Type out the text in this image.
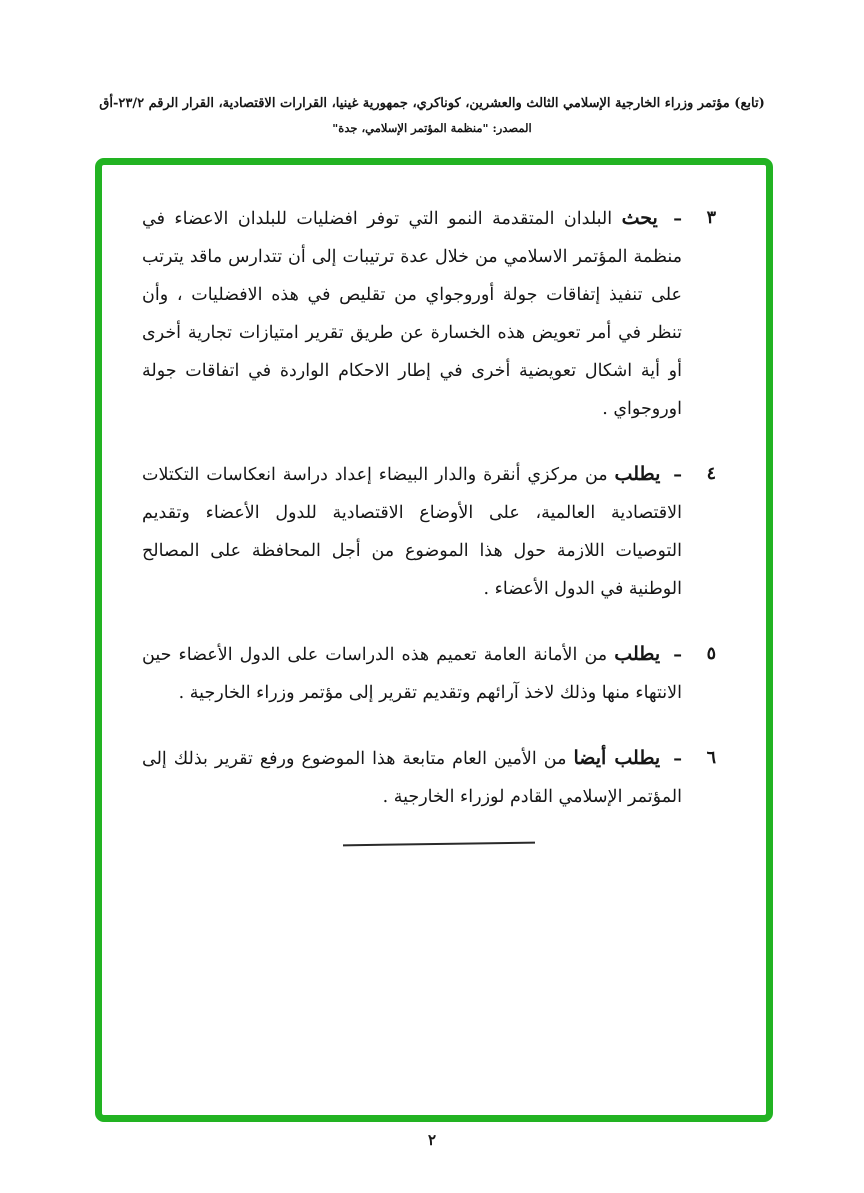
(تابع) مؤتمر وزراء الخارجية الإسلامي الثالث والعشرين، كوناكري، جمهورية غينيا، القرارات الاقتصادية، القرار الرقم ٢٣/٢-أق
المصدر: "منظمة المؤتمر الإسلامي، جدة"
٣
– يحث البلدان المتقدمة النمو التي توفر افضليات للبلدان الاعضاء في منظمة المؤتمر الاسلامي من خلال عدة ترتيبات إلى أن تتدارس ماقد يترتب على تنفيذ إتفاقات جولة أوروجواي من تقليص في هذه الافضليات ، وأن تنظر في أمر تعويض هذه الخسارة عن طريق تقرير امتيازات تجارية أخرى أو أية اشكال تعويضية أخرى في إطار الاحكام الواردة في اتفاقات جولة اوروجواي .
٤
– يطلب من مركزي أنقرة والدار البيضاء إعداد دراسة انعكاسات التكتلات الاقتصادية العالمية، على الأوضاع الاقتصادية للدول الأعضاء وتقديم التوصيات اللازمة حول هذا الموضوع من أجل المحافظة على المصالح الوطنية في الدول الأعضاء .
٥
– يطلب من الأمانة العامة تعميم هذه الدراسات على الدول الأعضاء حين الانتهاء منها وذلك لاخذ آرائهم وتقديم تقرير إلى مؤتمر وزراء الخارجية .
٦
– يطلب أيضا من الأمين العام متابعة هذا الموضوع ورفع تقرير بذلك إلى المؤتمر الإسلامي القادم لوزراء الخارجية .
٢
